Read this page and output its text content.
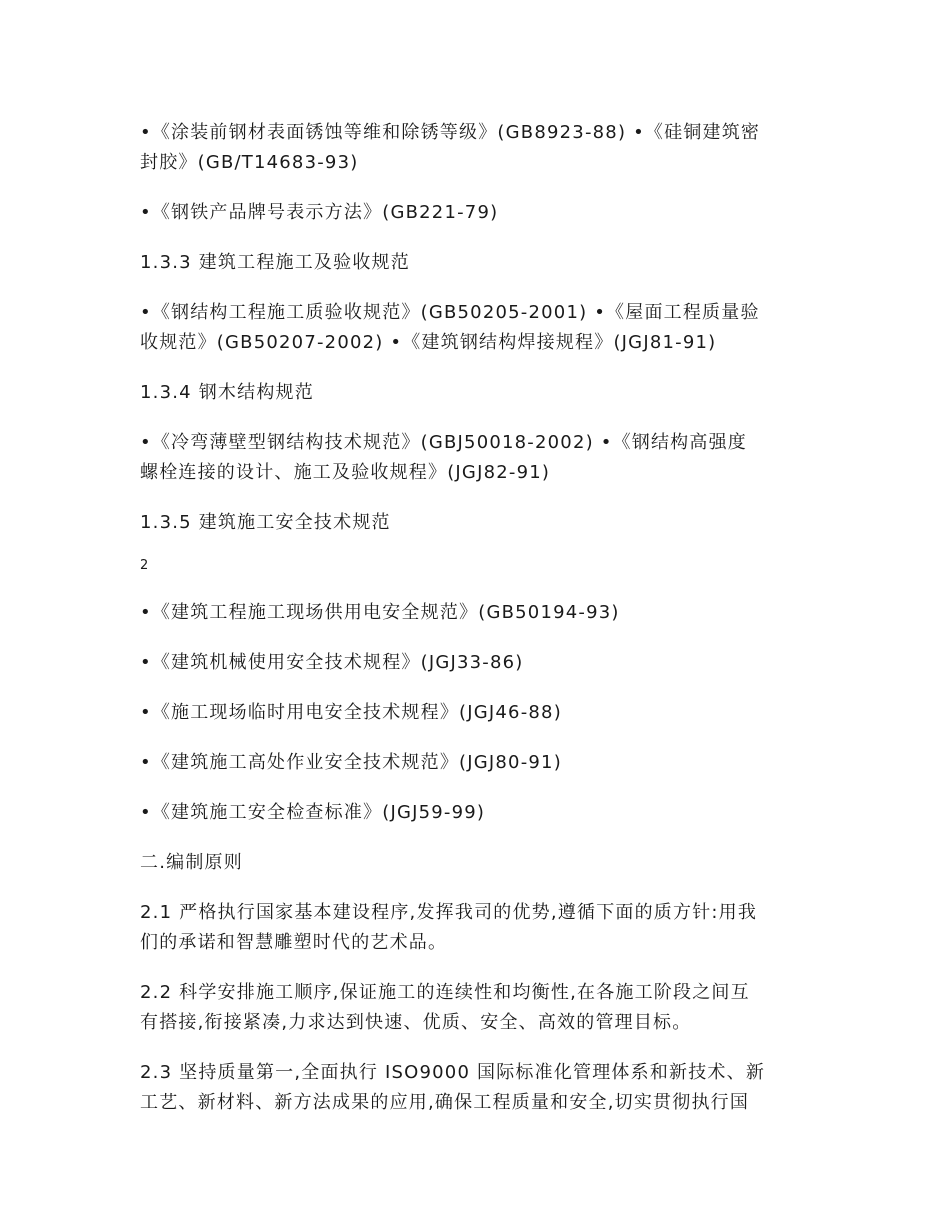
•《涂装前钢材表面锈蚀等维和除锈等级》(GB8923-88) •《硅铜建筑密
封胶》(GB/T14683-93)
•《钢铁产品牌号表示方法》(GB221-79)
1.3.3 建筑工程施工及验收规范
•《钢结构工程施工质验收规范》(GB50205-2001) •《屋面工程质量验
收规范》(GB50207-2002) •《建筑钢结构焊接规程》(JGJ81-91)
1.3.4 钢木结构规范
•《冷弯薄壁型钢结构技术规范》(GBJ50018-2002) •《钢结构高强度
螺栓连接的设计、施工及验收规程》(JGJ82-91)
1.3.5 建筑施工安全技术规范
2
•《建筑工程施工现场供用电安全规范》(GB50194-93)
•《建筑机械使用安全技术规程》(JGJ33-86)
•《施工现场临时用电安全技术规程》(JGJ46-88)
•《建筑施工高处作业安全技术规范》(JGJ80-91)
•《建筑施工安全检查标准》(JGJ59-99)
二.编制原则
2.1 严格执行国家基本建设程序,发挥我司的优势,遵循下面的质方针:用我
们的承诺和智慧雕塑时代的艺术品。
2.2 科学安排施工顺序,保证施工的连续性和均衡性,在各施工阶段之间互
有搭接,衔接紧凑,力求达到快速、优质、安全、高效的管理目标。
2.3 坚持质量第一,全面执行 ISO9000 国际标准化管理体系和新技术、新
工艺、新材料、新方法成果的应用,确保工程质量和安全,切实贯彻执行国
